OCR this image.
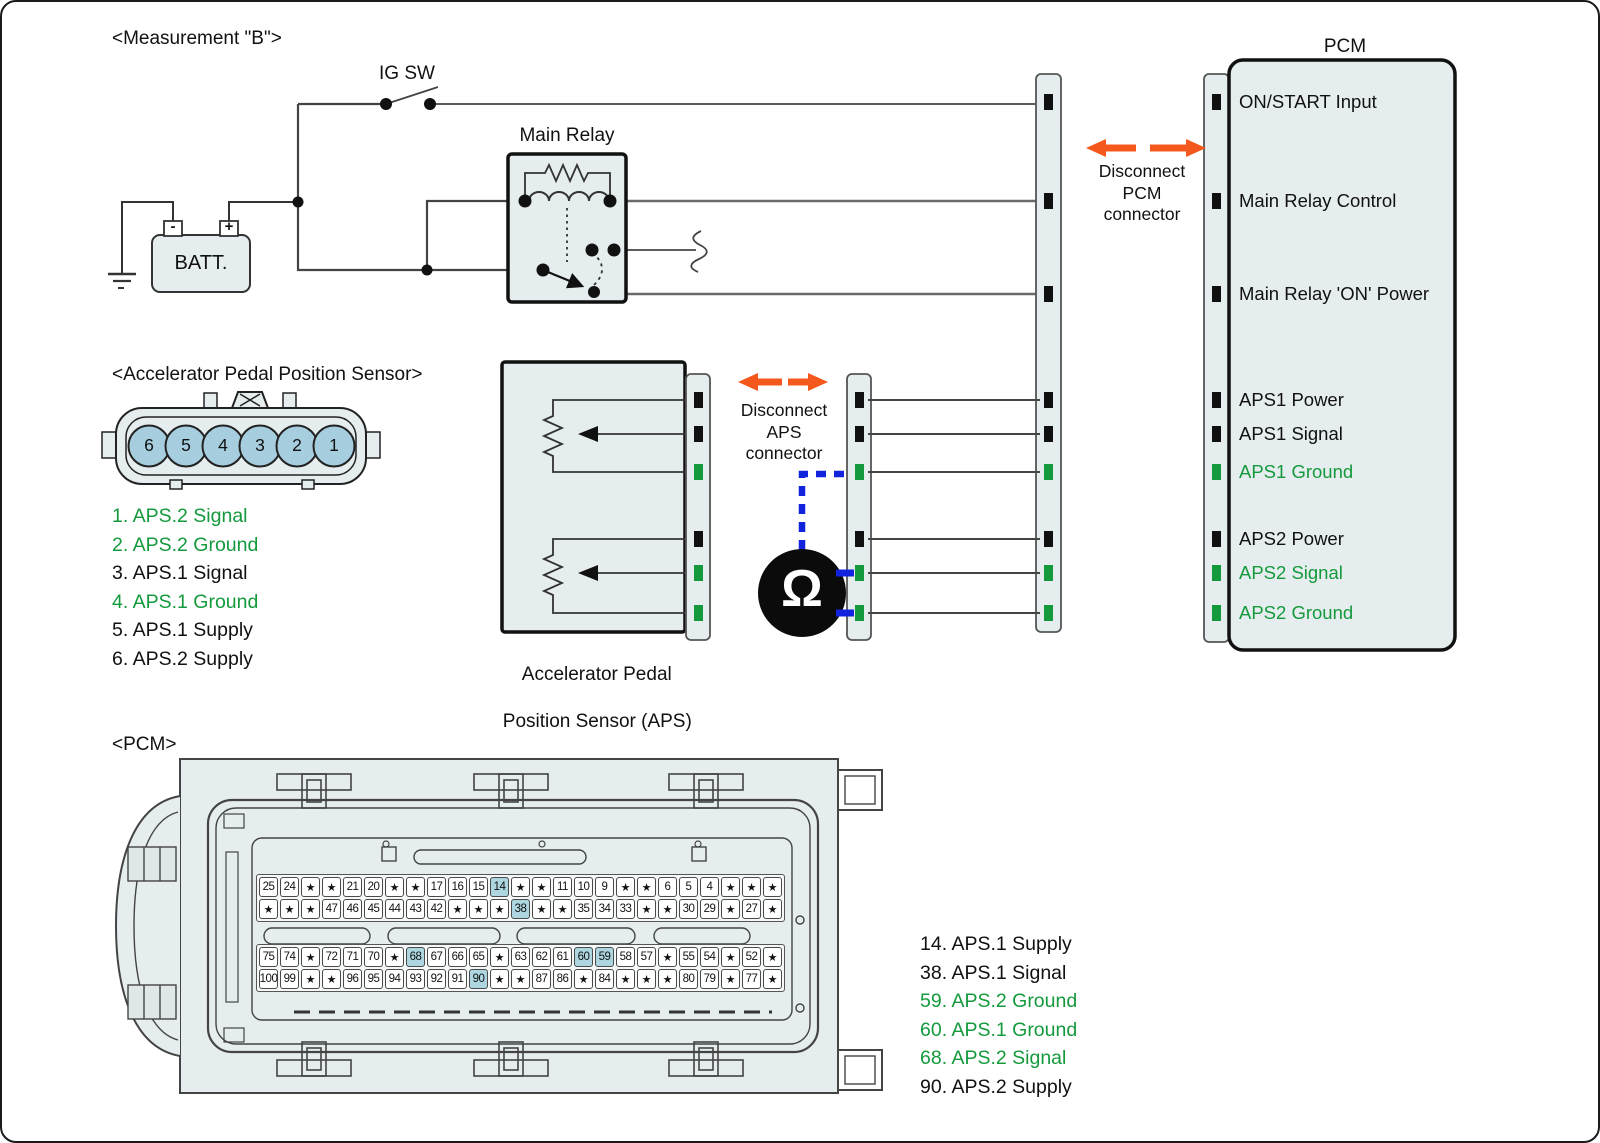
<Measurement "B">
IG SW
Main Relay
BATT.
-	+
PCM
Disconnect
PCM
connector
Disconnect
APS
connector
<Accelerator Pedal Position Sensor>

Accelerator Pedal

Position Sensor (APS)

<PCM>
Ω
6	5	4	3	2	1
1. APS.2 Signal
2. APS.2 Ground
3. APS.1 Signal
4. APS.1 Ground
5. APS.1 Supply
6. APS.2 Supply
ON/START Input
Main Relay Control
Main Relay 'ON' Power
APS1 Power
APS1 Signal
APS1 Ground
APS2 Power
APS2 Signal
APS2 Ground
14. APS.1 Supply
38. APS.1 Signal
59. APS.2 Ground
60. APS.1 Ground
68. APS.2 Signal
90. APS.2 Supply
25 24 ★	★ 21 20 ★	★ 17 16 15 14 ★	★ 11 10	9	★	★	6	5	4	★	★	★
★	★	★ 47 46 45 44 43 42 ★	★	★ 38 ★	★ 35 34 33 ★	★ 30 29 ★ 27 ★
75 74 ★ 72 71 70 ★ 68 67 66 65 ★ 63 62 61 60 59 58 57 ★ 55 54 ★ 52 ★
100 99 ★	★ 96 95 94 93 92 91 90 ★	★ 87 86 ★ 84 ★	★	★ 80 79 ★ 77 ★
